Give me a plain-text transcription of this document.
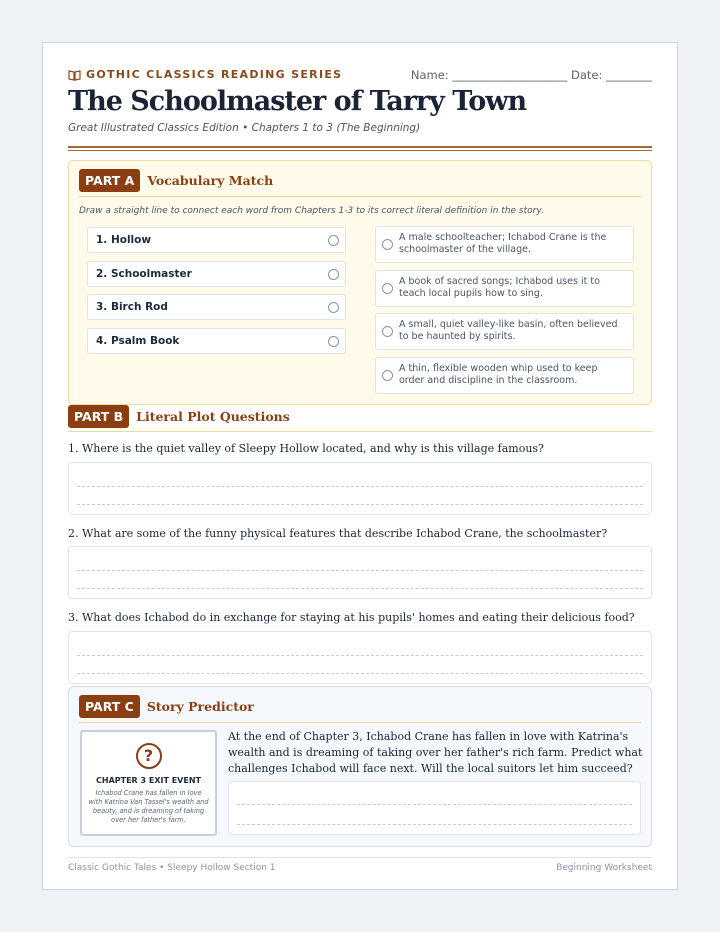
GOTHIC CLASSICS READING SERIES	Name: ____________________ Date: ________
The Schoolmaster of Tarry Town
Great Illustrated Classics Edition • Chapters 1 to 3 (The Beginning)
PART A	Vocabulary Match
Draw a straight line to connect each word from Chapters 1-3 to its correct literal definition in the story.
1. Hollow
2. Schoolmaster
3. Birch Rod
4. Psalm Book
A male schoolteacher; Ichabod Crane is the schoolmaster of the village.
A book of sacred songs; Ichabod uses it to teach local pupils how to sing.
A small, quiet valley-like basin, often believed to be haunted by spirits.
A thin, flexible wooden whip used to keep order and discipline in the classroom.
PART B	Literal Plot Questions
1. Where is the quiet valley of Sleepy Hollow located, and why is this village famous?
2. What are some of the funny physical features that describe Ichabod Crane, the schoolmaster?
3. What does Ichabod do in exchange for staying at his pupils' homes and eating their delicious food?
PART C	Story Predictor
?
CHAPTER 3 EXIT EVENT
Ichabod Crane has fallen in love with Katrina Van Tassel's wealth and beauty, and is dreaming of taking over her father's farm.
At the end of Chapter 3, Ichabod Crane has fallen in love with Katrina's wealth and is dreaming of taking over her father's rich farm. Predict what challenges Ichabod will face next. Will the local suitors let him succeed?
Classic Gothic Tales • Sleepy Hollow Section 1	Beginning Worksheet
